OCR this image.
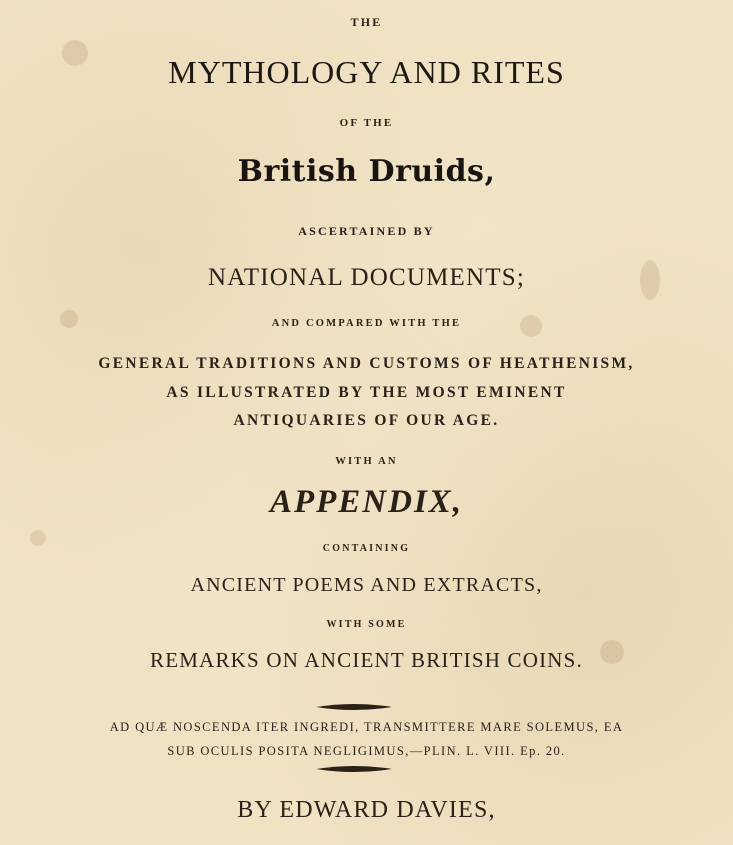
THE
MYTHOLOGY AND RITES
OF THE
British Druids,
ASCERTAINED BY
NATIONAL DOCUMENTS;
AND COMPARED WITH THE
GENERAL TRADITIONS AND CUSTOMS OF HEATHENISM,
AS ILLUSTRATED BY THE MOST EMINENT
ANTIQUARIES OF OUR AGE.
WITH AN
APPENDIX,
CONTAINING
ANCIENT POEMS AND EXTRACTS,
WITH SOME
REMARKS ON ANCIENT BRITISH COINS.
AD QUÆ NOSCENDA ITER INGREDI, TRANSMITTERE MARE SOLEMUS, EA
SUB OCULIS POSITA NEGLIGIMUS,—PLIN. L. VIII. Ep. 20.
BY EDWARD DAVIES,
